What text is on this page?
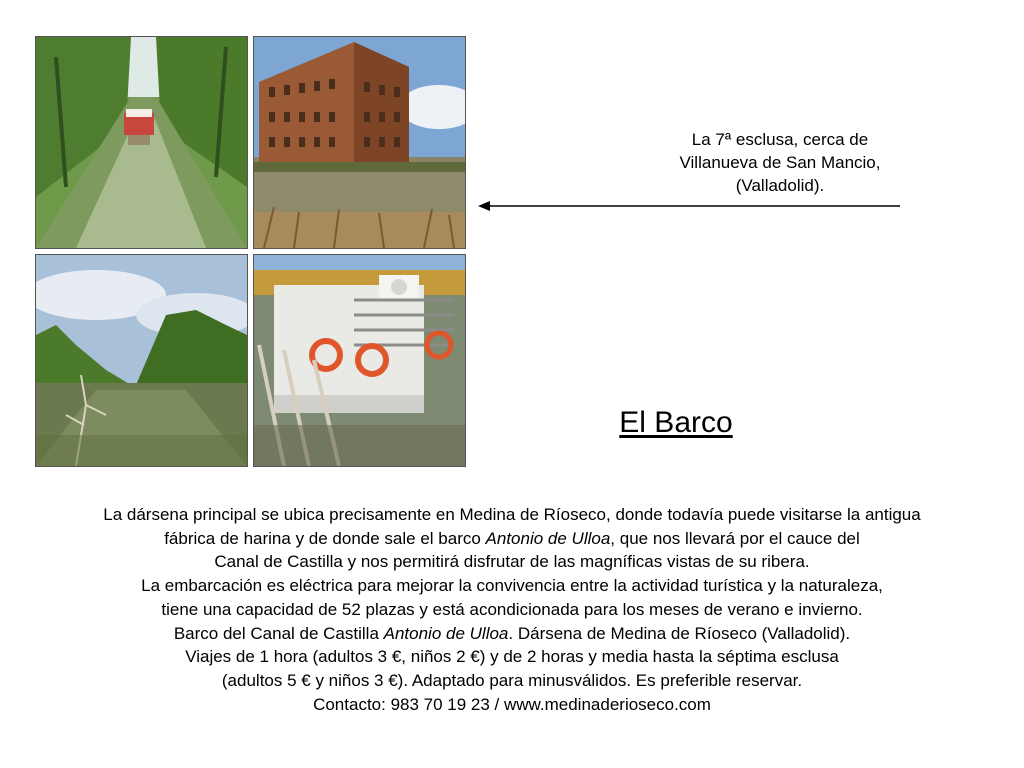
La 7ª esclusa, cerca de
Villanueva de San Mancio,
(Valladolid).
El Barco
La dársena principal se ubica precisamente en Medina de Ríoseco, donde todavía puede visitarse la antigua
fábrica de harina y de donde sale el barco Antonio de Ulloa, que nos llevará por el cauce del
Canal de Castilla y nos permitirá disfrutar de las magníficas vistas de su ribera.
La embarcación es eléctrica para mejorar la convivencia entre la actividad turística y la naturaleza,
tiene una capacidad de 52 plazas y está acondicionada para los meses de verano e invierno.
Barco del Canal de Castilla Antonio de Ulloa. Dársena de Medina de Ríoseco (Valladolid).
Viajes de 1 hora (adultos 3 €, niños 2 €) y de 2 horas y media hasta la séptima esclusa
(adultos 5 € y niños 3 €). Adaptado para minusválidos. Es preferible reservar.
Contacto: 983 70 19 23 / www.medinaderioseco.com
